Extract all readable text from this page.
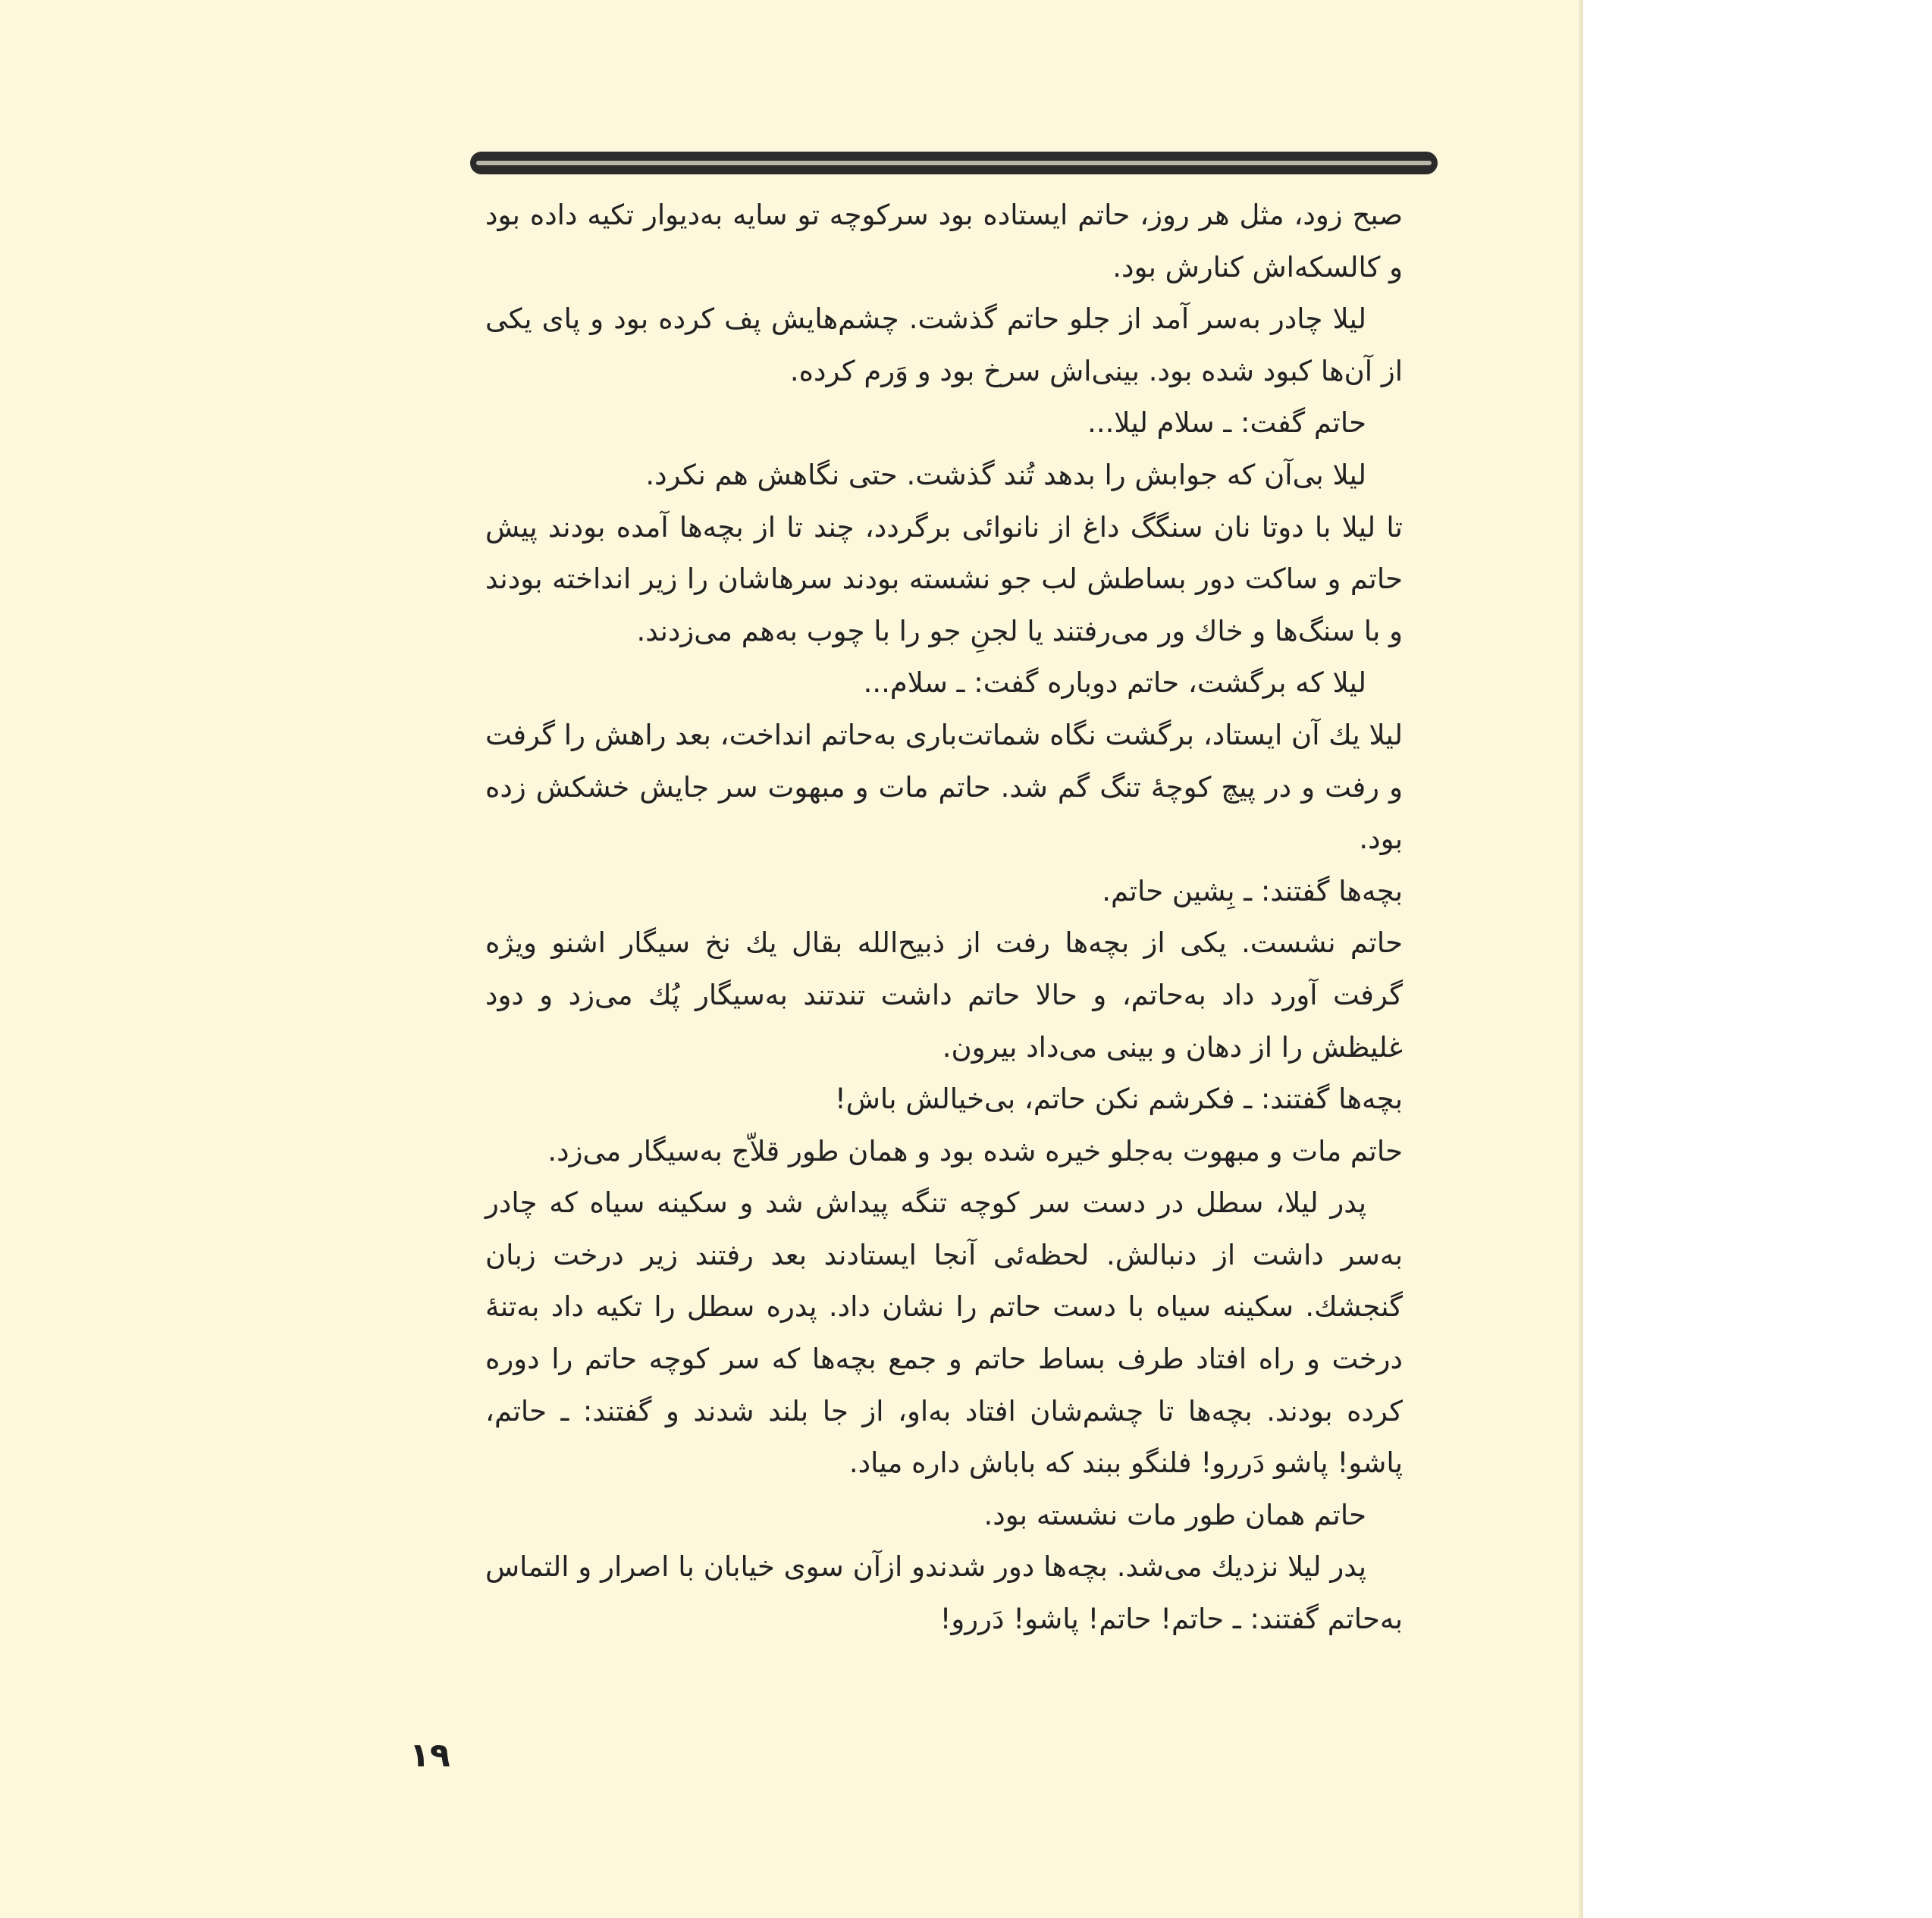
صبح زود، مثل هر روز، حاتم ایستاده بود سرکوچه تو سایه به‌دیوار تکیه داده بود و کالسکه‌اش کنارش بود.

لیلا چادر به‌سر آمد از جلو حاتم گذشت. چشم‌هایش پف کرده بود و پای یکی از آن‌ها کبود شده بود. بینی‌اش سرخ بود و وَرم کرده.

حاتم گفت: ـ سلام لیلا...

لیلا بی‌آن که جوابش را بدهد تُند گذشت. حتی نگاهش هم نکرد.

تا لیلا با دوتا نان سنگگ داغ از نانوائی برگردد، چند تا از بچه‌ها آمده بودند پیش حاتم و ساکت دور بساطش لب جو نشسته بودند سرهاشان را زیر انداخته بودند و با سنگ‌ها و خاك ور می‌رفتند یا لجنِ جو را با چوب به‌هم می‌زدند.

لیلا که برگشت، حاتم دوباره گفت: ـ سلام...

لیلا یك آن ایستاد، برگشت نگاه شماتت‌باری به‌حاتم انداخت، بعد راهش را گرفت و رفت و در پیچ کوچهٔ تنگ گم شد. حاتم مات و مبهوت سر جایش خشکش زده بود.

بچه‌ها گفتند: ـ بِشین حاتم.

حاتم نشست. یکی از بچه‌ها رفت از ذبیح‌الله بقال یك نخ سیگار اشنو ویژه گرفت آورد داد به‌حاتم، و حالا حاتم داشت تندتند به‌سیگار پُك می‌زد و دود غلیظش را از دهان و بینی می‌داد بیرون.

بچه‌ها گفتند: ـ فکرشم نکن حاتم، بی‌خیالش باش!

حاتم مات و مبهوت به‌جلو خیره شده بود و همان طور قلاّج به‌سیگار می‌زد.

پدر لیلا، سطل در دست سر کوچه تنگه پیداش شد و سکینه سیاه که چادر به‌سر داشت از دنبالش. لحظه‌ئی آنجا ایستادند بعد رفتند زیر درخت زبان گنجشك. سکینه سیاه با دست حاتم را نشان داد. پدره سطل را تکیه داد به‌تنهٔ درخت و راه افتاد طرف بساط حاتم و جمع بچه‌ها که سر کوچه حاتم را دوره کرده بودند. بچه‌ها تا چشم‌شان افتاد به‌او، از جا بلند شدند و گفتند: ـ حاتم، پاشو! پاشو دَررو! فلنگو ببند که باباش داره میاد.

حاتم همان طور مات نشسته بود.

پدر لیلا نزدیك می‌شد. بچه‌ها دور شدندو ازآن سوی خیابان با اصرار و التماس به‌حاتم گفتند: ـ حاتم! حاتم! پاشو! دَررو!

۱۹
